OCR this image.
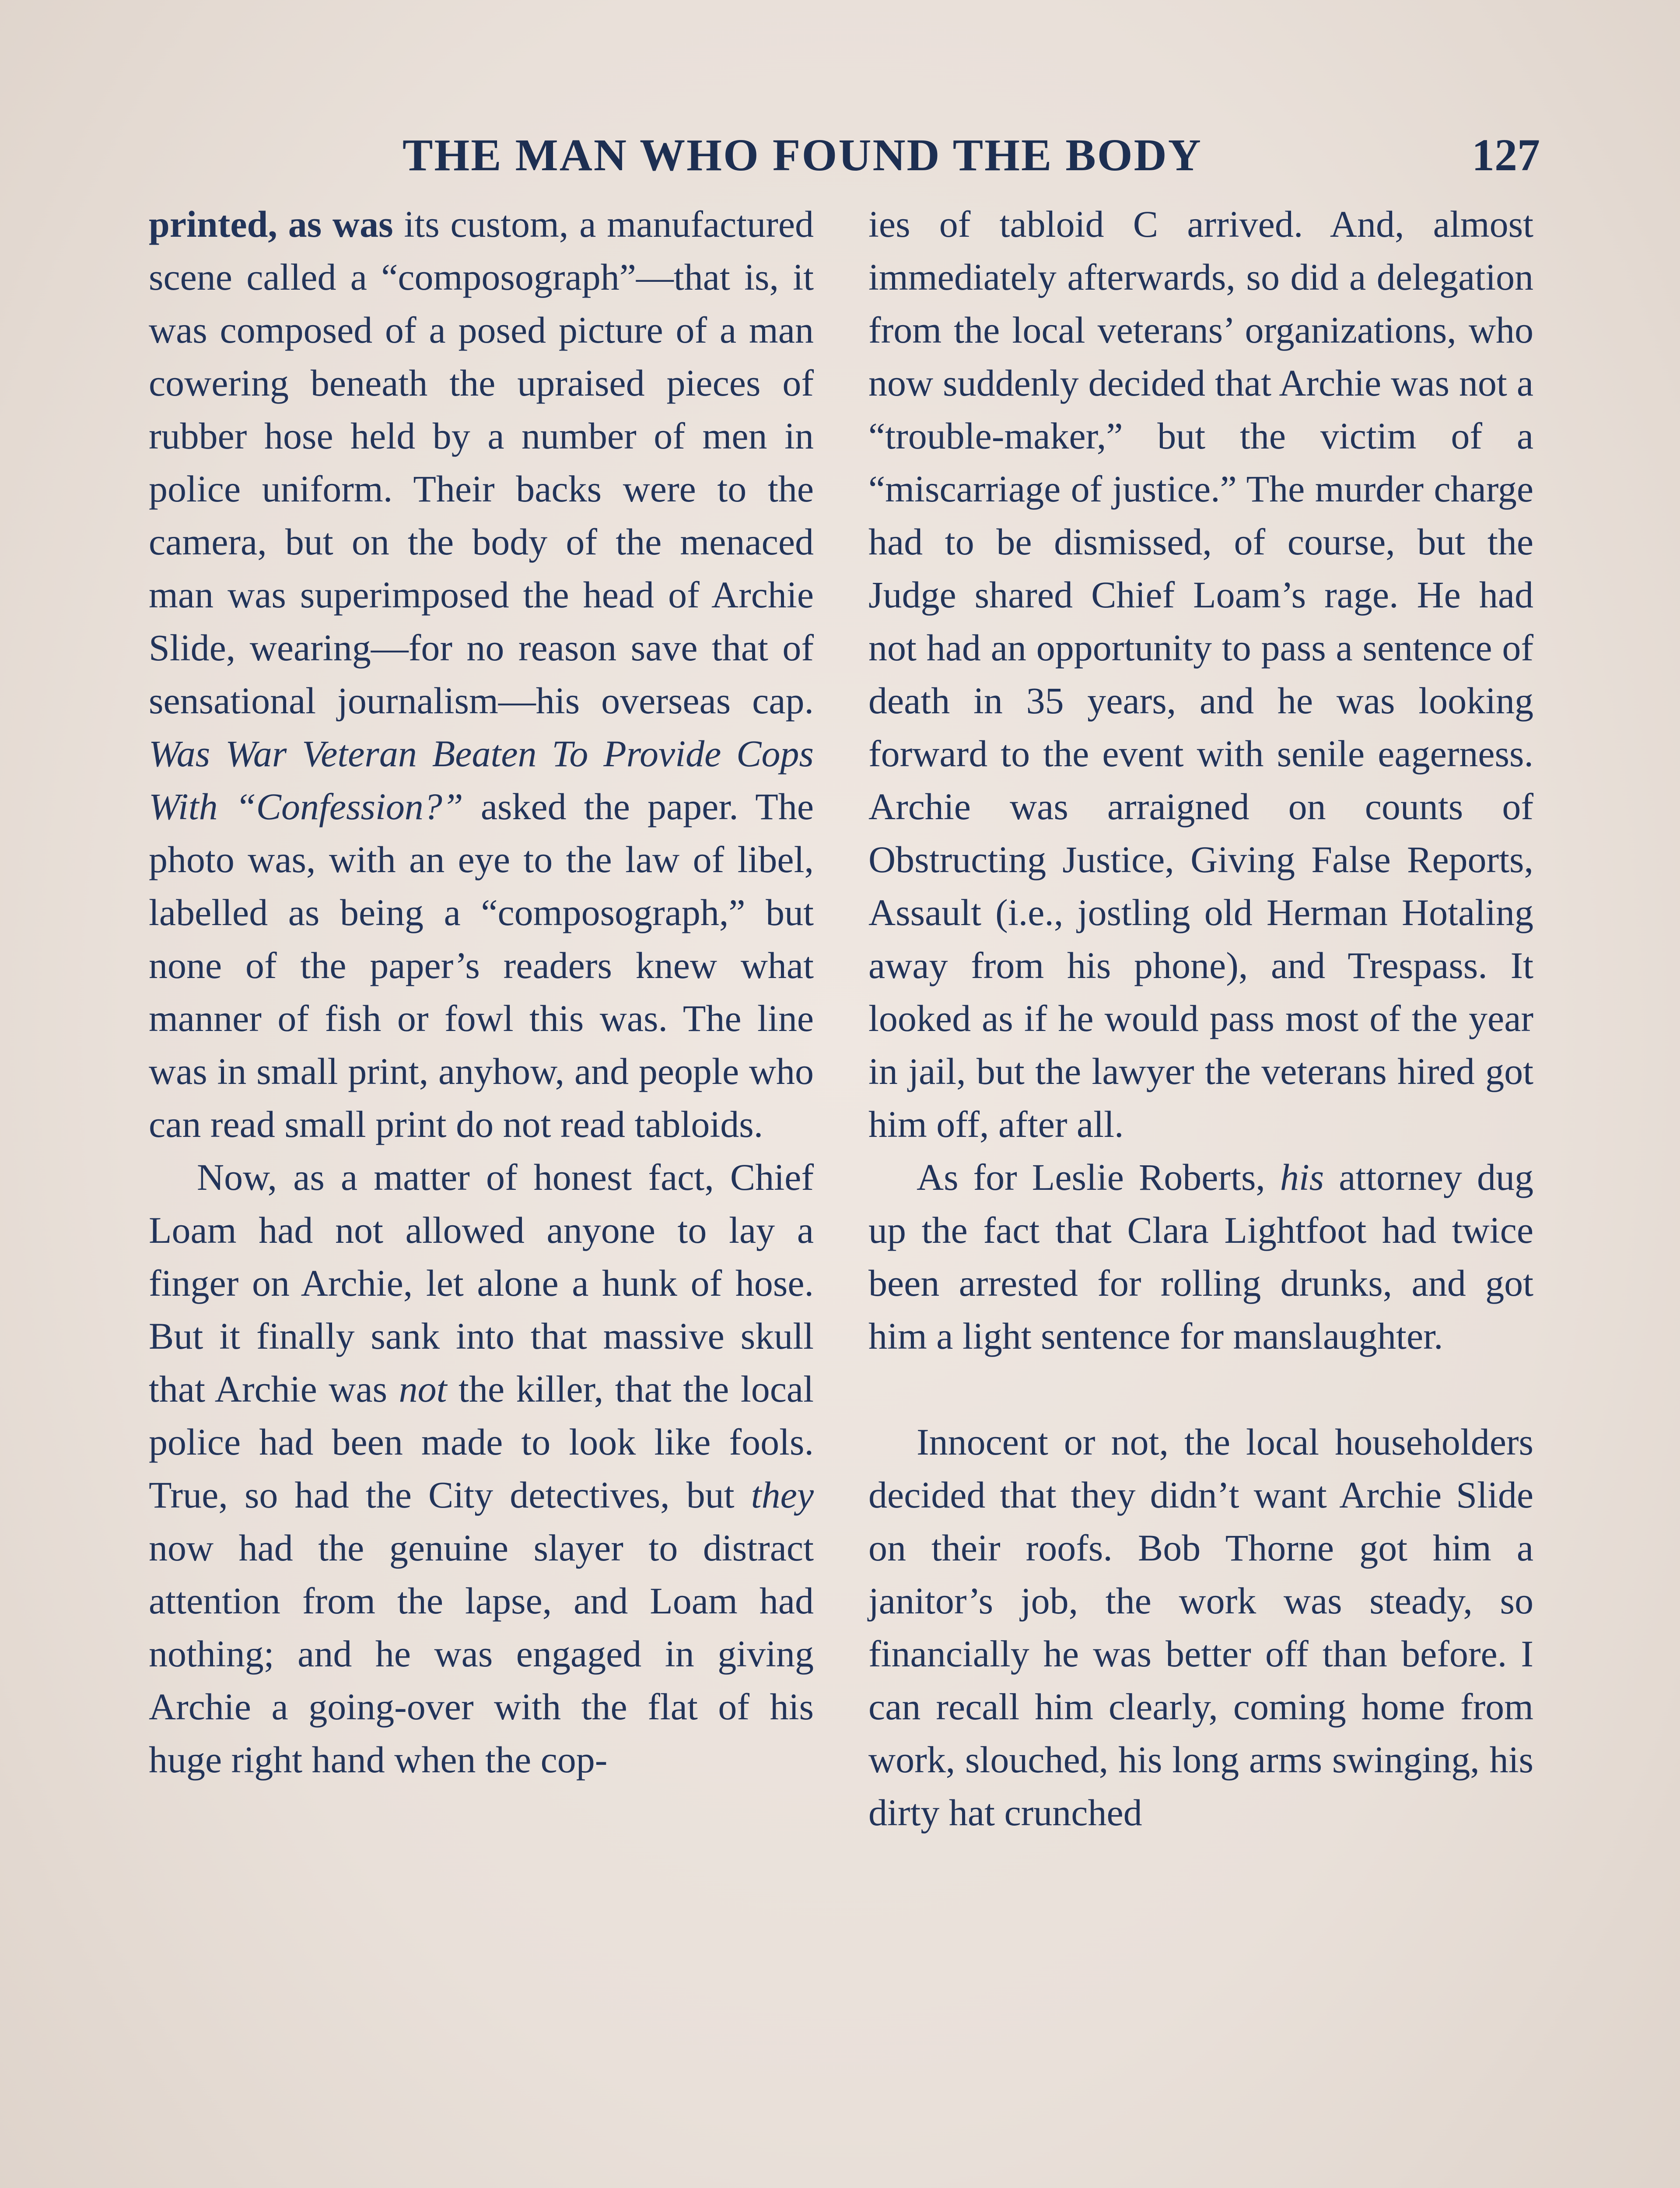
THE MAN WHO FOUND THE BODY	127

printed, as was its custom, a manufactured scene called a “composograph”—that is, it was composed of a posed picture of a man cowering beneath the upraised pieces of rubber hose held by a number of men in police uniform. Their backs were to the camera, but on the body of the menaced man was superimposed the head of Archie Slide, wearing—for no reason save that of sensational journalism—his overseas cap. Was War Veteran Beaten To Provide Cops With “Confession?” asked the paper. The photo was, with an eye to the law of libel, labelled as being a “composograph,” but none of the paper’s readers knew what manner of fish or fowl this was. The line was in small print, anyhow, and people who can read small print do not read tabloids.

Now, as a matter of honest fact, Chief Loam had not allowed anyone to lay a finger on Archie, let alone a hunk of hose. But it finally sank into that massive skull that Archie was not the killer, that the local police had been made to look like fools. True, so had the City detectives, but they now had the genuine slayer to distract attention from the lapse, and Loam had nothing; and he was engaged in giving Archie a going-over with the flat of his huge right hand when the cop-

ies of tabloid C arrived. And, almost immediately afterwards, so did a delegation from the local veterans’ organizations, who now suddenly decided that Archie was not a “trouble-maker,” but the victim of a “miscarriage of justice.” The murder charge had to be dismissed, of course, but the Judge shared Chief Loam’s rage. He had not had an opportunity to pass a sentence of death in 35 years, and he was looking forward to the event with senile eagerness. Archie was arraigned on counts of Obstructing Justice, Giving False Reports, Assault (i.e., jostling old Herman Hotaling away from his phone), and Trespass. It looked as if he would pass most of the year in jail, but the lawyer the veterans hired got him off, after all.

As for Leslie Roberts, his attorney dug up the fact that Clara Lightfoot had twice been arrested for rolling drunks, and got him a light sentence for manslaughter.

Innocent or not, the local householders decided that they didn’t want Archie Slide on their roofs. Bob Thorne got him a janitor’s job, the work was steady, so financially he was better off than before. I can recall him clearly, coming home from work, slouched, his long arms swinging, his dirty hat crunched
